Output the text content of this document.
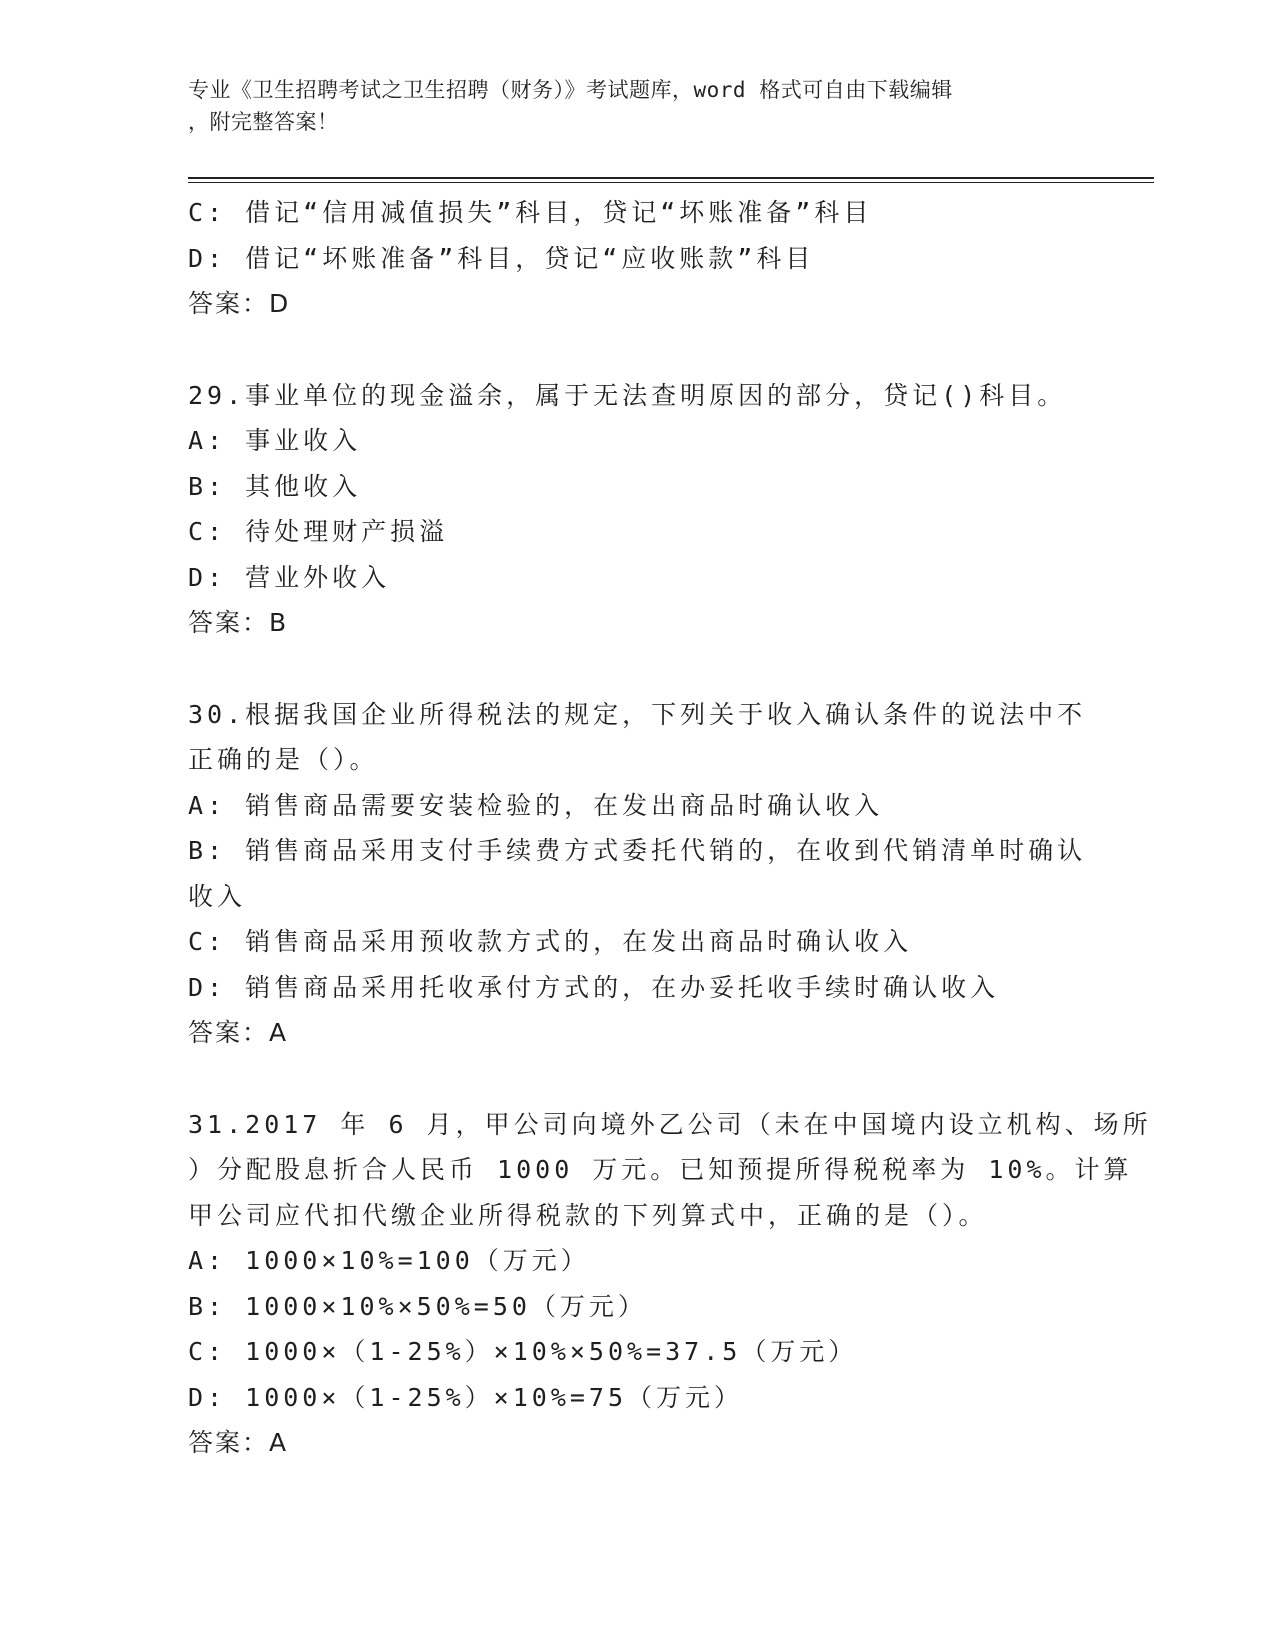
专业《卫生招聘考试之卫生招聘（财务）》考试题库，word 格式可自由下载编辑
，附完整答案！
C: 借记“信用减值损失”科目，贷记“坏账准备”科目
D: 借记“坏账准备”科目，贷记“应收账款”科目
答案：D
29.事业单位的现金溢余，属于无法查明原因的部分，贷记()科目。
A: 事业收入
B: 其他收入
C: 待处理财产损溢
D: 营业外收入
答案：B
30.根据我国企业所得税法的规定，下列关于收入确认条件的说法中不
正确的是（）。
A: 销售商品需要安装检验的，在发出商品时确认收入
B: 销售商品采用支付手续费方式委托代销的，在收到代销清单时确认
收入
C: 销售商品采用预收款方式的，在发出商品时确认收入
D: 销售商品采用托收承付方式的，在办妥托收手续时确认收入
答案：A
31.2017 年 6 月，甲公司向境外乙公司（未在中国境内设立机构、场所
）分配股息折合人民币 1000 万元。已知预提所得税税率为 10%。计算
甲公司应代扣代缴企业所得税款的下列算式中，正确的是（）。
A: 1000×10%=100（万元）
B: 1000×10%×50%=50（万元）
C: 1000×（1-25%）×10%×50%=37.5（万元）
D: 1000×（1-25%）×10%=75（万元）
答案：A
